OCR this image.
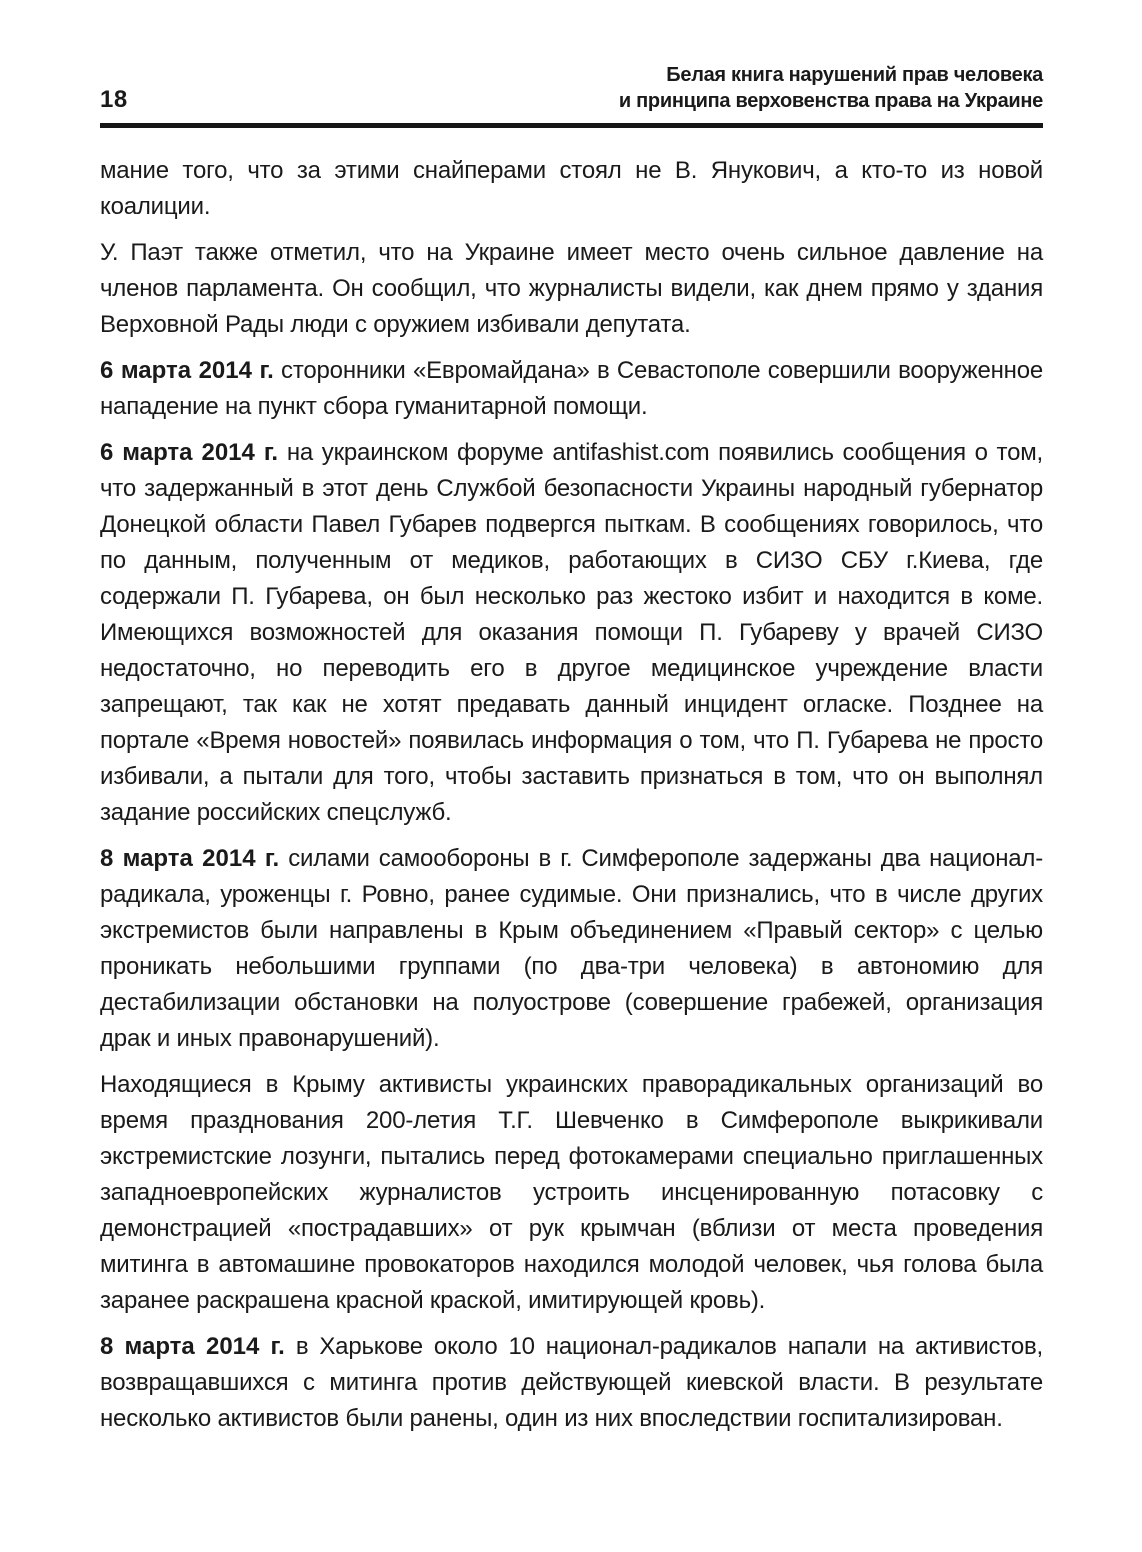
18
Белая книга нарушений прав человека
и принципа верховенства права на Украине

мание того, что за этими снайперами стоял не В. Янукович, а кто-то из новой коалиции.

У. Паэт также отметил, что на Украине имеет место очень сильное давление на членов парламента. Он сообщил, что журналисты видели, как днем прямо у здания Верховной Рады люди с оружием избивали депутата.

6 марта 2014 г. сторонники «Евромайдана» в Севастополе совершили вооруженное нападение на пункт сбора гуманитарной помощи.

6 марта 2014 г. на украинском форуме antifashist.com появились сообщения о том, что задержанный в этот день Службой безопасности Украины народный губернатор Донецкой области Павел Губарев подвергся пыткам. В сообщениях говорилось, что по данным, полученным от медиков, работающих в СИЗО СБУ г.Киева, где содержали П. Губарева, он был несколько раз жестоко избит и находится в коме. Имеющихся возможностей для оказания помощи П. Губареву у врачей СИЗО недостаточно, но переводить его в другое медицинское учреждение власти запрещают, так как не хотят предавать данный инцидент огласке. Позднее на портале «Время новостей» появилась информация о том, что П. Губарева не просто избивали, а пытали для того, чтобы заставить признаться в том, что он выполнял задание российских спецслужб.

8 марта 2014 г. силами самообороны в г. Симферополе задержаны два национал-радикала, уроженцы г. Ровно, ранее судимые. Они признались, что в числе других экстремистов были направлены в Крым объединением «Правый сектор» с целью проникать небольшими группами (по два-три человека) в автономию для дестабилизации обстановки на полуострове (совершение грабежей, организация драк и иных правонарушений).

Находящиеся в Крыму активисты украинских праворадикальных организаций во время празднования 200-летия Т.Г. Шевченко в Симферополе выкрикивали экстремистские лозунги, пытались перед фотокамерами специально приглашенных западноевропейских журналистов устроить инсценированную потасовку с демонстрацией «пострадавших» от рук крымчан (вблизи от места проведения митинга в автомашине провокаторов находился молодой человек, чья голова была заранее раскрашена красной краской, имитирующей кровь).

8 марта 2014 г. в Харькове около 10 национал-радикалов напали на активистов, возвращавшихся с митинга против действующей киевской власти. В результате несколько активистов были ранены, один из них впоследствии госпитализирован.
